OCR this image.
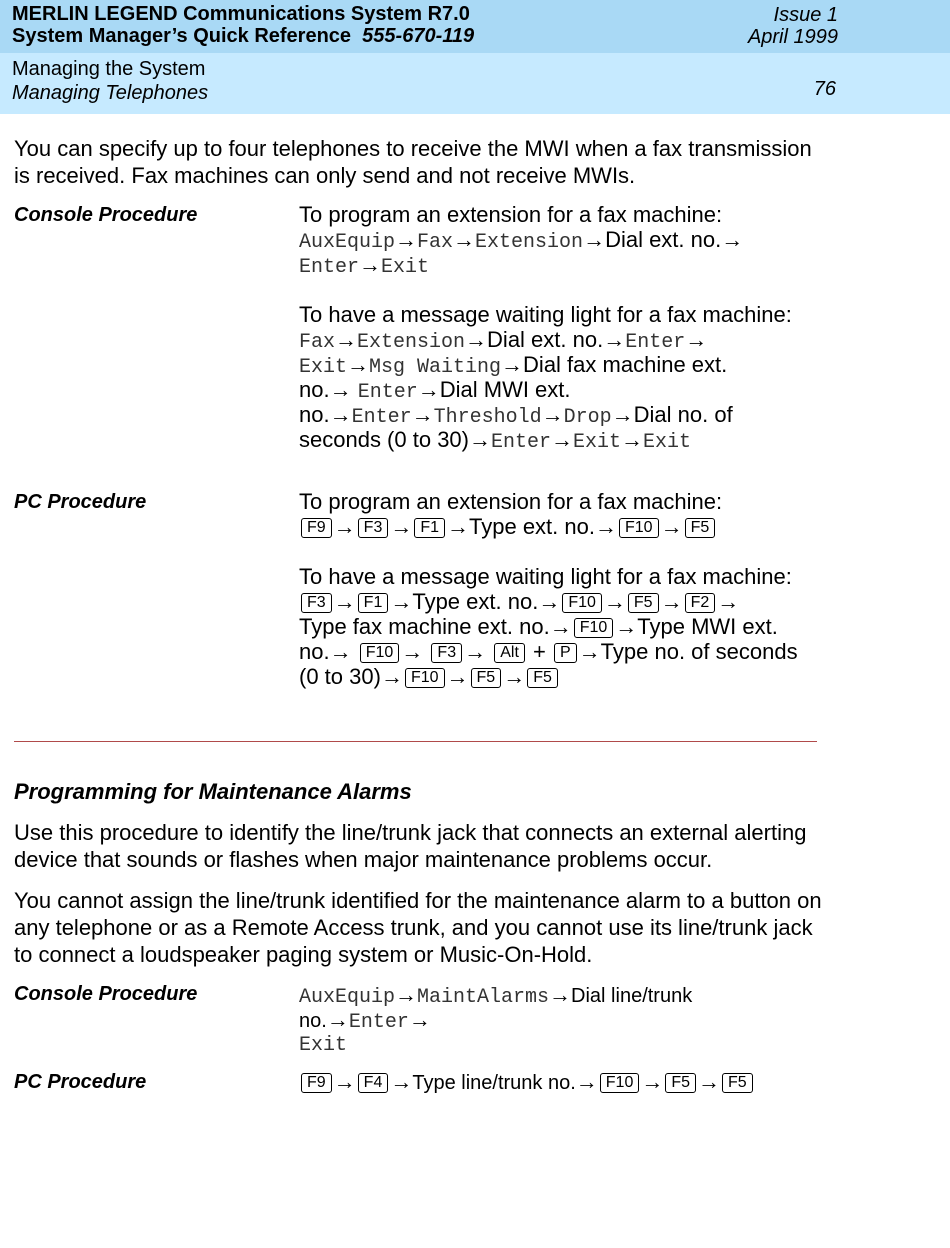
MERLIN LEGEND Communications System R7.0
System Manager’s Quick Reference 555-670-119
Issue 1
April 1999
Managing the System
Managing Telephones	76
You can specify up to four telephones to receive the MWI when a fax transmission is received. Fax machines can only send and not receive MWIs.
Console Procedure	To program an extension for a fax machine:
AuxEquip→Fax→Extension→Dial ext. no.→
Enter→Exit
To have a message waiting light for a fax machine:
Fax→Extension→Dial ext. no.→Enter→
Exit→Msg Waiting→Dial fax machine ext.
no.→ Enter→Dial MWI ext.
no.→Enter→Threshold→Drop→Dial no. of
seconds (0 to 30)→Enter→Exit→Exit
PC Procedure	To program an extension for a fax machine:
F9 → F3 → F1 →Type ext. no.→ F10 → F5
To have a message waiting light for a fax machine:
F3 → F1 →Type ext. no.→ F10 → F5 → F2 →
Type fax machine ext. no.→ F10 →Type MWI ext.
no.→ F10 → F3 → Alt + P →Type no. of seconds
(0 to 30)→ F10 → F5 → F5
Programming for Maintenance Alarms
Use this procedure to identify the line/trunk jack that connects an external alerting device that sounds or flashes when major maintenance problems occur.
You cannot assign the line/trunk identified for the maintenance alarm to a button on any telephone or as a Remote Access trunk, and you cannot use its line/trunk jack to connect a loudspeaker paging system or Music-On-Hold.
Console Procedure	AuxEquip→MaintAlarms→Dial line/trunk
no.→Enter→
Exit
PC Procedure	F9 → F4 →Type line/trunk no.→ F10 → F5 → F5
